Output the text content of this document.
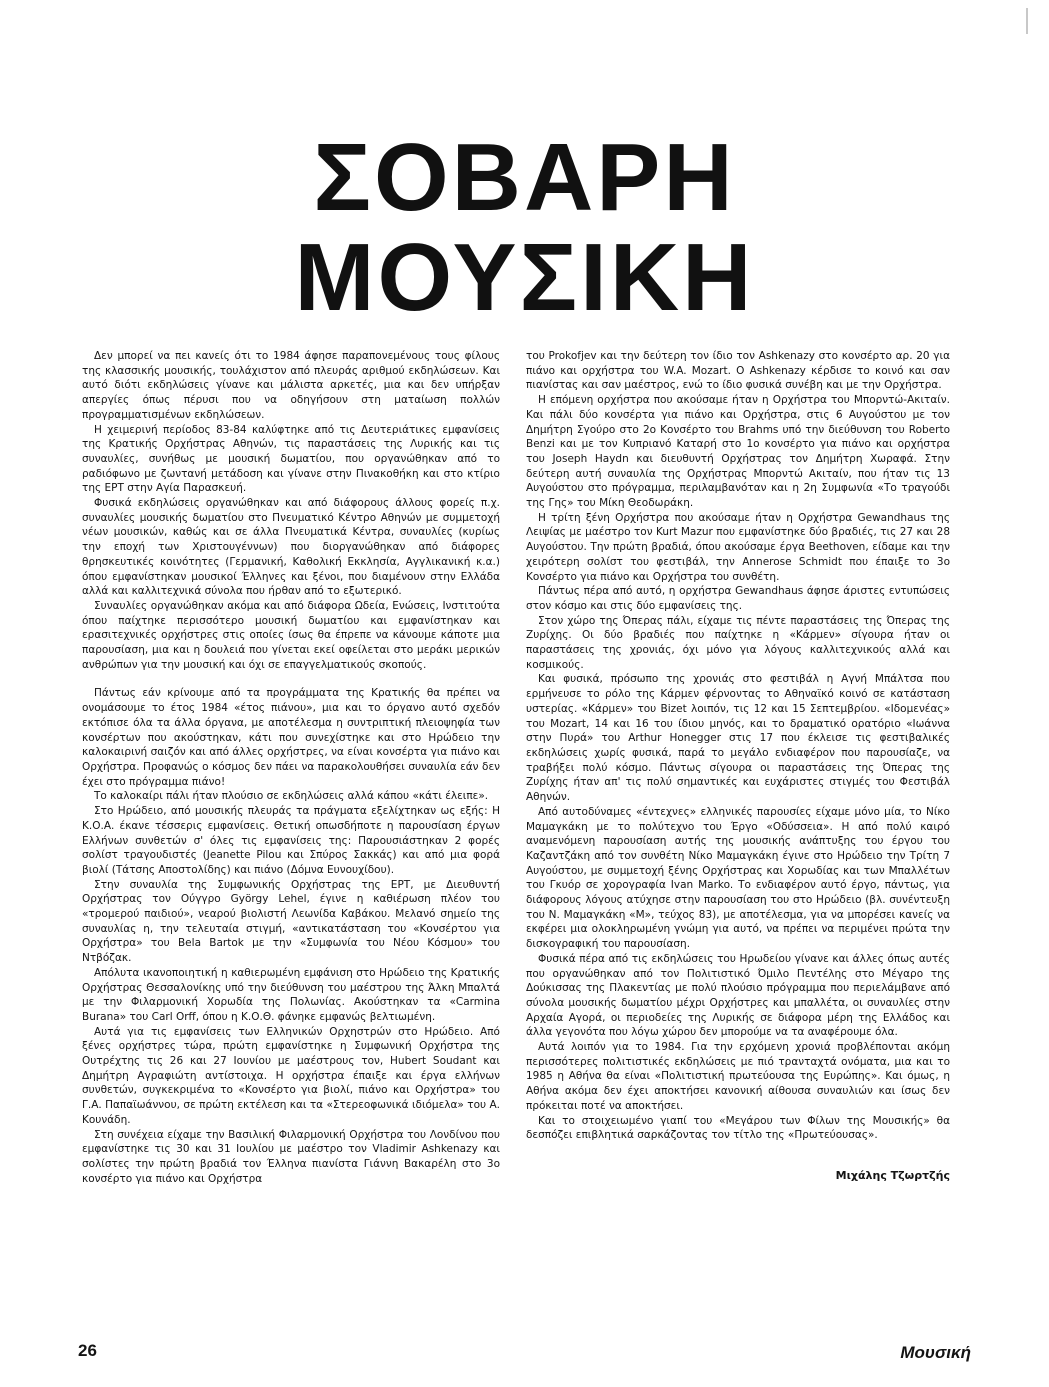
ΣΟΒΑΡΗ
ΜΟΥΣΙΚΗ

Δεν μπορεί να πει κανείς ότι το 1984 άφησε παραπονεμένους τους φίλους της κλασσικής μουσικής, τουλάχιστον από πλευράς αριθμού εκδηλώσεων. Και αυτό διότι εκδηλώσεις γίνανε και μάλιστα αρκετές, μια και δεν υπήρξαν απεργίες όπως πέρυσι που να οδηγήσουν στη ματαίωση πολλών προγραμματισμένων εκδηλώσεων.

Η χειμερινή περίοδος 83-84 καλύφτηκε από τις Δευτεριάτικες εμφανίσεις της Κρατικής Ορχήστρας Αθηνών, τις παραστάσεις της Λυρικής και τις συναυλίες, συνήθως με μουσική δωματίου, που οργανώθηκαν από το ραδιόφωνο με ζωντανή μετάδοση και γίνανε στην Πινακοθήκη και στο κτίριο της ΕΡΤ στην Αγία Παρασκευή.

Φυσικά εκδηλώσεις οργανώθηκαν και από διάφορους άλλους φορείς π.χ. συναυλίες μουσικής δωματίου στο Πνευματικό Κέντρο Αθηνών με συμμετοχή νέων μουσικών, καθώς και σε άλλα Πνευματικά Κέντρα, συναυλίες (κυρίως την εποχή των Χριστουγέννων) που διοργανώθηκαν από διάφορες θρησκευτικές κοινότητες (Γερμανική, Καθολική Εκκλησία, Αγγλικανική κ.α.) όπου εμφανίστηκαν μουσικοί Έλληνες και ξένοι, που διαμένουν στην Ελλάδα αλλά και καλλιτεχνικά σύνολα που ήρθαν από το εξωτερικό.

Συναυλίες οργανώθηκαν ακόμα και από διάφορα Ωδεία, Ενώσεις, Ινστιτούτα όπου παίχτηκε περισσότερο μουσική δωματίου και εμφανίστηκαν και ερασιτεχνικές ορχήστρες στις οποίες ίσως θα έπρεπε να κάνουμε κάποτε μια παρουσίαση, μια και η δουλειά που γίνεται εκεί οφείλεται στο μεράκι μερικών ανθρώπων για την μουσική και όχι σε επαγγελματικούς σκοπούς.

Πάντως εάν κρίνουμε από τα προγράμματα της Κρατικής θα πρέπει να ονομάσουμε το έτος 1984 «έτος πιάνου», μια και το όργανο αυτό σχεδόν εκτόπισε όλα τα άλλα όργανα, με αποτέλεσμα η συντριπτική πλειοψηφία των κονσέρτων που ακούστηκαν, κάτι που συνεχίστηκε και στο Ηρώδειο την καλοκαιρινή σαιζόν και από άλλες ορχήστρες, να είναι κονσέρτα για πιάνο και Ορχήστρα. Προφανώς ο κόσμος δεν πάει να παρακολουθήσει συναυλία εάν δεν έχει στο πρόγραμμα πιάνο!

Το καλοκαίρι πάλι ήταν πλούσιο σε εκδηλώσεις αλλά κάπου «κάτι έλειπε».

Στο Ηρώδειο, από μουσικής πλευράς τα πράγματα εξελίχτηκαν ως εξής: Η Κ.Ο.Α. έκανε τέσσερις εμφανίσεις. Θετική οπωσδήποτε η παρουσίαση έργων Ελλήνων συνθετών σ' όλες τις εμφανίσεις της: Παρουσιάστηκαν 2 φορές σολίστ τραγουδιστές (Jeanette Pilou και Σπύρος Σακκάς) και από μια φορά βιολί (Τάτσης Αποστολίδης) και πιάνο (Δόμνα Ευνουχίδου).

Στην συναυλία της Συμφωνικής Ορχήστρας της ΕΡΤ, με Διευθυντή Ορχήστρας τον Ούγγρο György Lehel, έγινε η καθιέρωση πλέον του «τρομερού παιδιού», νεαρού βιολιστή Λεωνίδα Καβάκου. Μελανό σημείο της συναυλίας η, την τελευταία στιγμή, «αντικατάσταση του «Κονσέρτου για Ορχήστρα» του Bela Bartok με την «Συμφωνία του Νέου Κόσμου» του Ντβόζακ.

Απόλυτα ικανοποιητική η καθιερωμένη εμφάνιση στο Ηρώδειο της Κρατικής Ορχήστρας Θεσσαλονίκης υπό την διεύθυνση του μαέστρου της Άλκη Μπαλτά με την Φιλαρμονική Χορωδία της Πολωνίας. Ακούστηκαν τα «Carmina Burana» του Carl Orff, όπου η Κ.Ο.Θ. φάνηκε εμφανώς βελτιωμένη.

Αυτά για τις εμφανίσεις των Ελληνικών Ορχηστρών στο Ηρώδειο. Από ξένες ορχήστρες τώρα, πρώτη εμφανίστηκε η Συμφωνική Ορχήστρα της Ουτρέχτης τις 26 και 27 Ιουνίου με μαέστρους τον, Hubert Soudant και Δημήτρη Αγραφιώτη αντίστοιχα. Η ορχήστρα έπαιξε και έργα ελλήνων συνθετών, συγκεκριμένα το «Κονσέρτο για βιολί, πιάνο και Ορχήστρα» του Γ.Α. Παπαϊωάννου, σε πρώτη εκτέλεση και τα «Στερεοφωνικά ιδιόμελα» του Α. Κουνάδη.

Στη συνέχεια είχαμε την Βασιλική Φιλαρμονική Ορχήστρα του Λονδίνου που εμφανίστηκε τις 30 και 31 Ιουλίου με μαέστρο τον Vladimir Ashkenazy και σολίστες την πρώτη βραδιά τον Έλληνα πιανίστα Γιάννη Βακαρέλη στο 3ο κονσέρτο για πιάνο και Ορχήστρα

του Prokofjev και την δεύτερη τον ίδιο τον Ashkenazy στο κονσέρτο αρ. 20 για πιάνο και ορχήστρα του W.A. Mozart. Ο Ashkenazy κέρδισε το κοινό και σαν πιανίστας και σαν μαέστρος, ενώ το ίδιο φυσικά συνέβη και με την Ορχήστρα.

Η επόμενη ορχήστρα που ακούσαμε ήταν η Ορχήστρα του Μπορντώ-Ακιταίν. Και πάλι δύο κονσέρτα για πιάνο και Ορχήστρα, στις 6 Αυγούστου με τον Δημήτρη Σγούρο στο 2ο Κονσέρτο του Brahms υπό την διεύθυνση του Roberto Benzi και με τον Κυπριανό Καταρή στο 1ο κονσέρτο για πιάνο και ορχήστρα του Joseph Haydn και διευθυντή Ορχήστρας τον Δημήτρη Χωραφά. Στην δεύτερη αυτή συναυλία της Ορχήστρας Μπορντώ Ακιταίν, που ήταν τις 13 Αυγούστου στο πρόγραμμα, περιλαμβανόταν και η 2η Συμφωνία «Το τραγούδι της Γης» του Μίκη Θεοδωράκη.

Η τρίτη ξένη Ορχήστρα που ακούσαμε ήταν η Ορχήστρα Gewandhaus της Λειψίας με μαέστρο τον Kurt Mazur που εμφανίστηκε δύο βραδιές, τις 27 και 28 Αυγούστου. Την πρώτη βραδιά, όπου ακούσαμε έργα Beethoven, είδαμε και την χειρότερη σολίστ του φεστιβάλ, την Annerose Schmidt που έπαιξε το 3ο Κονσέρτο για πιάνο και Ορχήστρα του συνθέτη.

Πάντως πέρα από αυτό, η ορχήστρα Gewandhaus άφησε άριστες εντυπώσεις στον κόσμο και στις δύο εμφανίσεις της.

Στον χώρο της Όπερας πάλι, είχαμε τις πέντε παραστάσεις της Όπερας της Ζυρίχης. Οι δύο βραδιές που παίχτηκε η «Κάρμεν» σίγουρα ήταν οι παραστάσεις της χρονιάς, όχι μόνο για λόγους καλλιτεχνικούς αλλά και κοσμικούς.

Και φυσικά, πρόσωπο της χρονιάς στο φεστιβάλ η Αγνή Μπάλτσα που ερμήνευσε το ρόλο της Κάρμεν φέρνοντας το Αθηναϊκό κοινό σε κατάσταση υστερίας. «Κάρμεν» του Bizet λοιπόν, τις 12 και 15 Σεπτεμβρίου. «Ιδομενέας» του Mozart, 14 και 16 του ίδιου μηνός, και το δραματικό ορατόριο «Ιωάννα στην Πυρά» του Arthur Honegger στις 17 που έκλεισε τις φεστιβαλικές εκδηλώσεις χωρίς φυσικά, παρά το μεγάλο ενδιαφέρον που παρουσίαζε, να τραβήξει πολύ κόσμο. Πάντως σίγουρα οι παραστάσεις της Όπερας της Ζυρίχης ήταν απ' τις πολύ σημαντικές και ευχάριστες στιγμές του Φεστιβάλ Αθηνών.

Από αυτοδύναμες «έντεχνες» ελληνικές παρουσίες είχαμε μόνο μία, το Νίκο Μαμαγκάκη με το πολύτεχνο του Έργο «Οδύσσεια». Η από πολύ καιρό αναμενόμενη παρουσίαση αυτής της μουσικής ανάπτυξης του έργου του Καζαντζάκη από τον συνθέτη Νίκο Μαμαγκάκη έγινε στο Ηρώδειο την Τρίτη 7 Αυγούστου, με συμμετοχή ξένης Ορχήστρας και Χορωδίας και των Μπαλλέτων του Γκυόρ σε χορογραφία Ivan Marko. Το ενδιαφέρον αυτό έργο, πάντως, για διάφορους λόγους ατύχησε στην παρουσίαση του στο Ηρώδειο (βλ. συνέντευξη του Ν. Μαμαγκάκη «Μ», τεύχος 83), με αποτέλεσμα, για να μπορέσει κανείς να εκφέρει μια ολοκληρωμένη γνώμη για αυτό, να πρέπει να περιμένει πρώτα την δισκογραφική του παρουσίαση.

Φυσικά πέρα από τις εκδηλώσεις του Ηρωδείου γίνανε και άλλες όπως αυτές που οργανώθηκαν από τον Πολιτιστικό Όμιλο Πεντέλης στο Μέγαρο της Δούκισσας της Πλακεντίας με πολύ πλούσιο πρόγραμμα που περιελάμβανε από σύνολα μουσικής δωματίου μέχρι Ορχήστρες και μπαλλέτα, οι συναυλίες στην Αρχαία Αγορά, οι περιοδείες της Λυρικής σε διάφορα μέρη της Ελλάδος και άλλα γεγονότα που λόγω χώρου δεν μπορούμε να τα αναφέρουμε όλα.

Αυτά λοιπόν για το 1984. Για την ερχόμενη χρονιά προβλέπονται ακόμη περισσότερες πολιτιστικές εκδηλώσεις με πιό τρανταχτά ονόματα, μια και το 1985 η Αθήνα θα είναι «Πολιτιστική πρωτεύουσα της Ευρώπης». Και όμως, η Αθήνα ακόμα δεν έχει αποκτήσει κανονική αίθουσα συναυλιών και ίσως δεν πρόκειται ποτέ να αποκτήσει.

Και το στοιχειωμένο γιαπί του «Μεγάρου των Φίλων της Μουσικής» θα δεσπόζει επιβλητικά σαρκάζοντας τον τίτλο της «Πρωτεύουσας».

Μιχάλης Τζωρτζής

26	Μουσική
